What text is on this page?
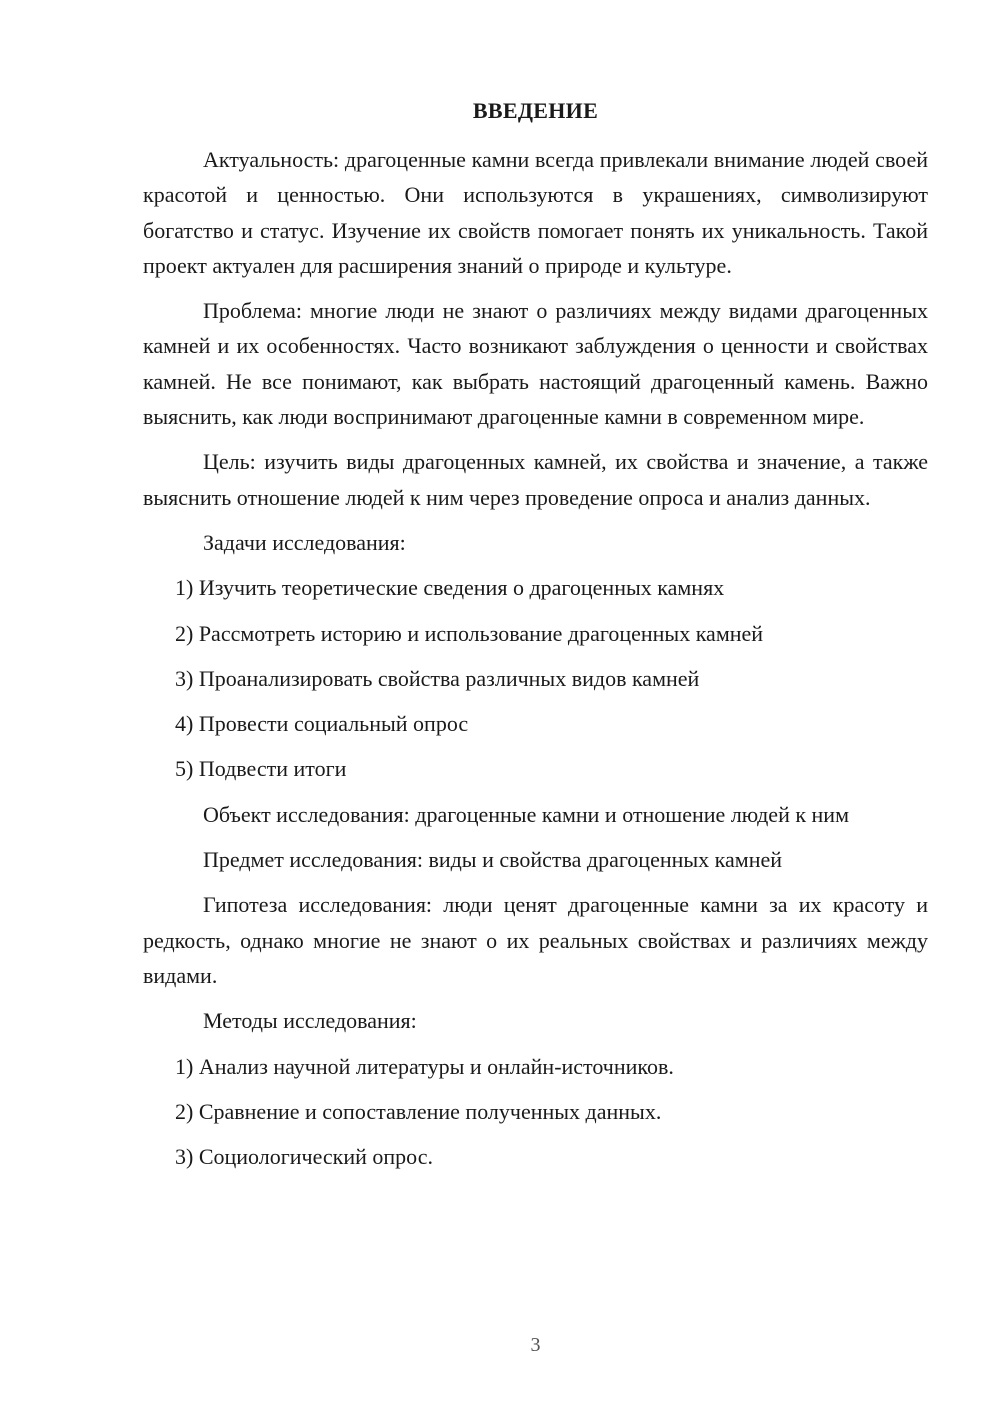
ВВЕДЕНИЕ

Актуальность: драгоценные камни всегда привлекали внимание людей своей красотой и ценностью. Они используются в украшениях, символизируют богатство и статус. Изучение их свойств помогает понять их уникальность. Такой проект актуален для расширения знаний о природе и культуре.

Проблема: многие люди не знают о различиях между видами драгоценных камней и их особенностях. Часто возникают заблуждения о ценности и свойствах камней. Не все понимают, как выбрать настоящий драгоценный камень. Важно выяснить, как люди воспринимают драгоценные камни в современном мире.

Цель: изучить виды драгоценных камней, их свойства и значение, а также выяснить отношение людей к ним через проведение опроса и анализ данных.

Задачи исследования:

1) Изучить теоретические сведения о драгоценных камнях
2) Рассмотреть историю и использование драгоценных камней
3) Проанализировать свойства различных видов камней
4) Провести социальный опрос
5) Подвести итоги

Объект исследования: драгоценные камни и отношение людей к ним

Предмет исследования: виды и свойства драгоценных камней

Гипотеза исследования: люди ценят драгоценные камни за их красоту и редкость, однако многие не знают о их реальных свойствах и различиях между видами.

Методы исследования:

1) Анализ научной литературы и онлайн-источников.
2) Сравнение и сопоставление полученных данных.
3) Социологический опрос.
3
